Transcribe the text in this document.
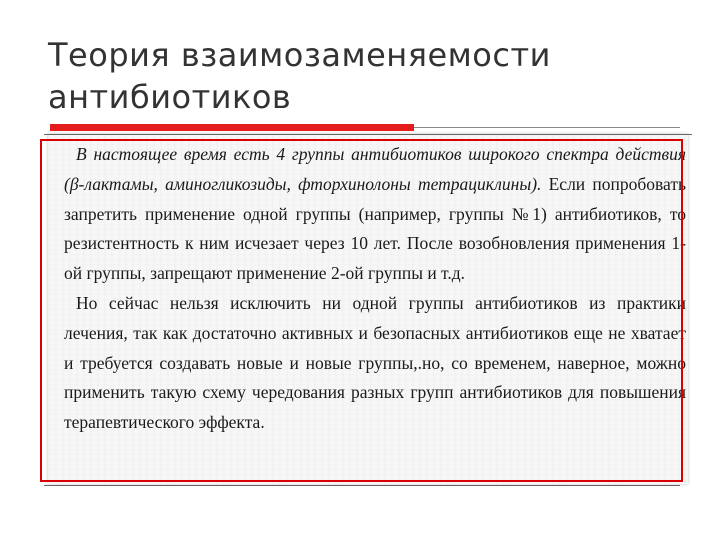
Теория взаимозаменяемости антибиотиков

В настоящее время есть 4 группы антибиотиков широкого спектра действия (β-лактамы, аминогликозиды, фторхинолоны тетрациклины). Если попробовать запретить применение одной группы (например, группы №1) антибиотиков, то резистентность к ним исчезает через 10 лет. После возобновления применения 1-ой группы, запрещают применение 2-ой группы и т.д.

Но сейчас нельзя исключить ни одной группы антибиотиков из практики лечения, так как достаточно активных и безопасных антибиотиков еще не хватает и требуется создавать новые и новые группы,.но, со временем, наверное, можно применить такую схему чередования разных групп антибиотиков для повышения терапевтического эффекта.
